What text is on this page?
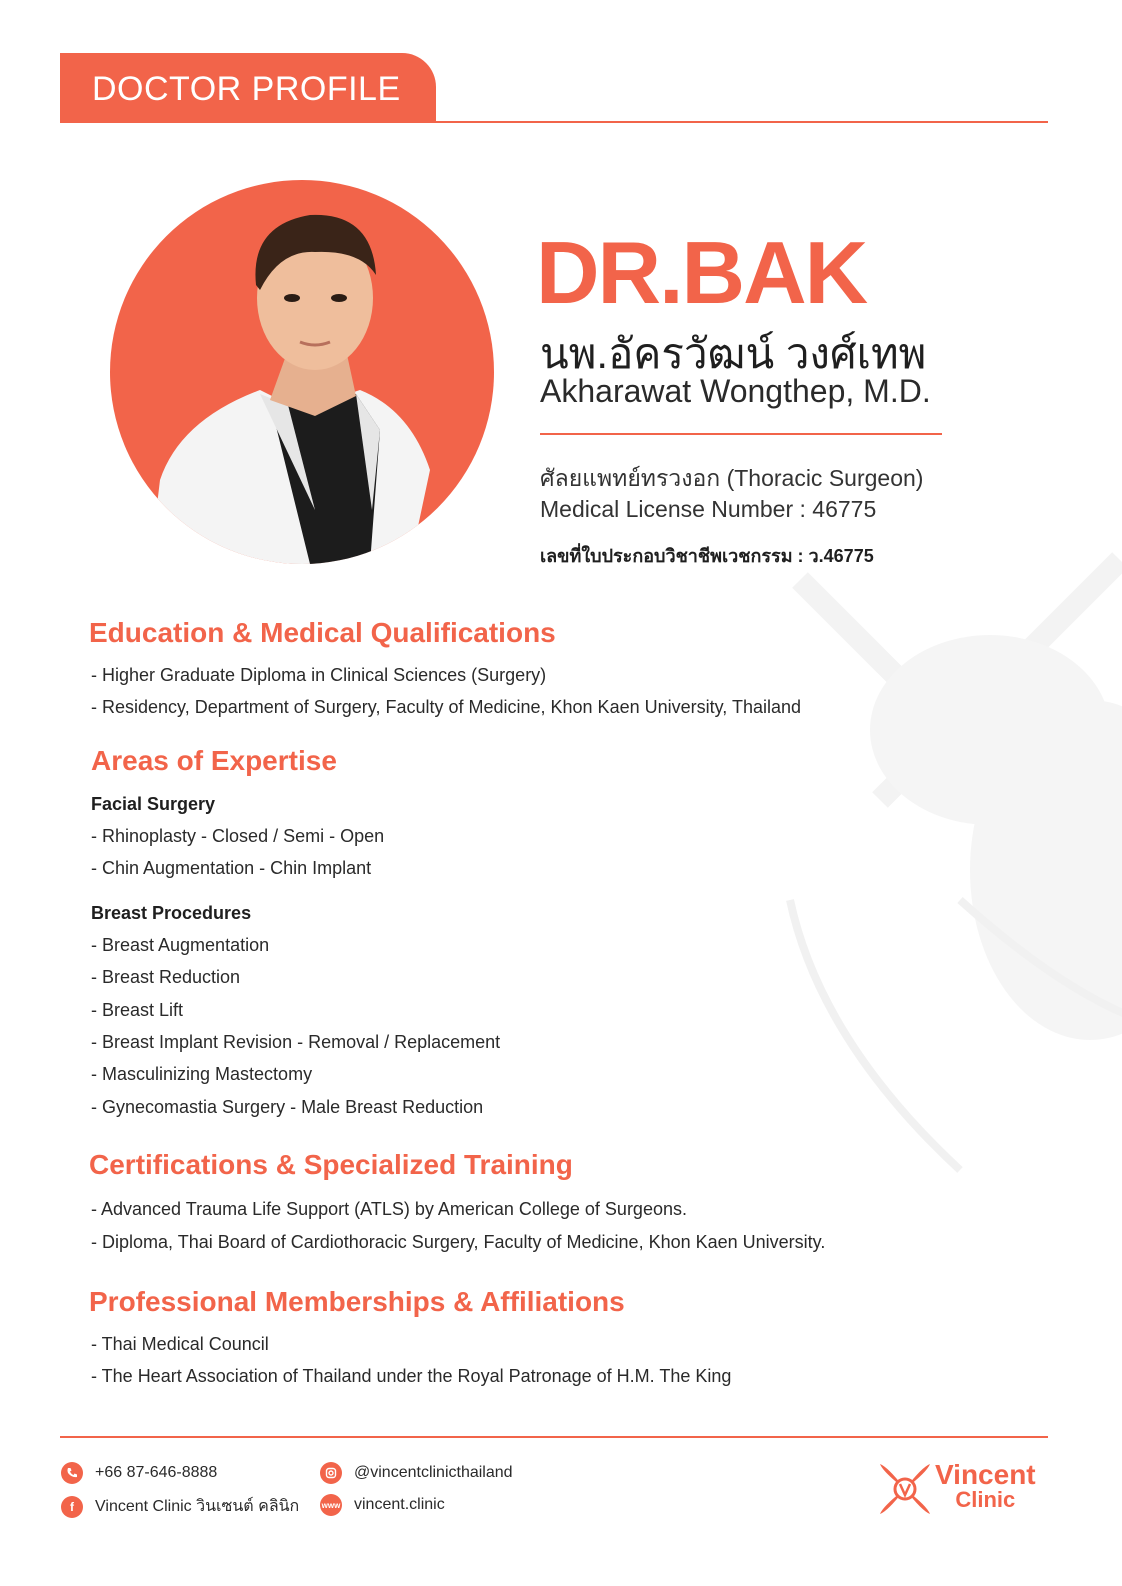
DOCTOR PROFILE
DR.BAK
นพ.อัครวัฒน์ วงศ์เทพ
Akharawat Wongthep, M.D.
ศัลยแพทย์ทรวงอก (Thoracic Surgeon)
Medical License Number : 46775
เลขที่ใบประกอบวิชาชีพเวชกรรม : ว.46775
Education & Medical Qualifications
- Higher Graduate Diploma in Clinical Sciences (Surgery)
- Residency, Department of Surgery, Faculty of Medicine, Khon Kaen University, Thailand
Areas of Expertise
Facial Surgery
- Rhinoplasty - Closed / Semi - Open
- Chin Augmentation - Chin Implant
Breast Procedures
- Breast Augmentation
- Breast Reduction
- Breast Lift
- Breast Implant Revision - Removal / Replacement
- Masculinizing Mastectomy
- Gynecomastia Surgery - Male Breast Reduction
Certifications & Specialized Training
- Advanced Trauma Life Support (ATLS) by American College of Surgeons.
- Diploma, Thai Board of Cardiothoracic Surgery, Faculty of Medicine, Khon Kaen University.
Professional Memberships & Affiliations
- Thai Medical Council
- The Heart Association of Thailand under the Royal Patronage of H.M. The King
+66 87-646-8888
f	Vincent Clinic วินเซนต์ คลินิก
@vincentclinicthailand
www vincent.clinic
Vincent
Clinic
